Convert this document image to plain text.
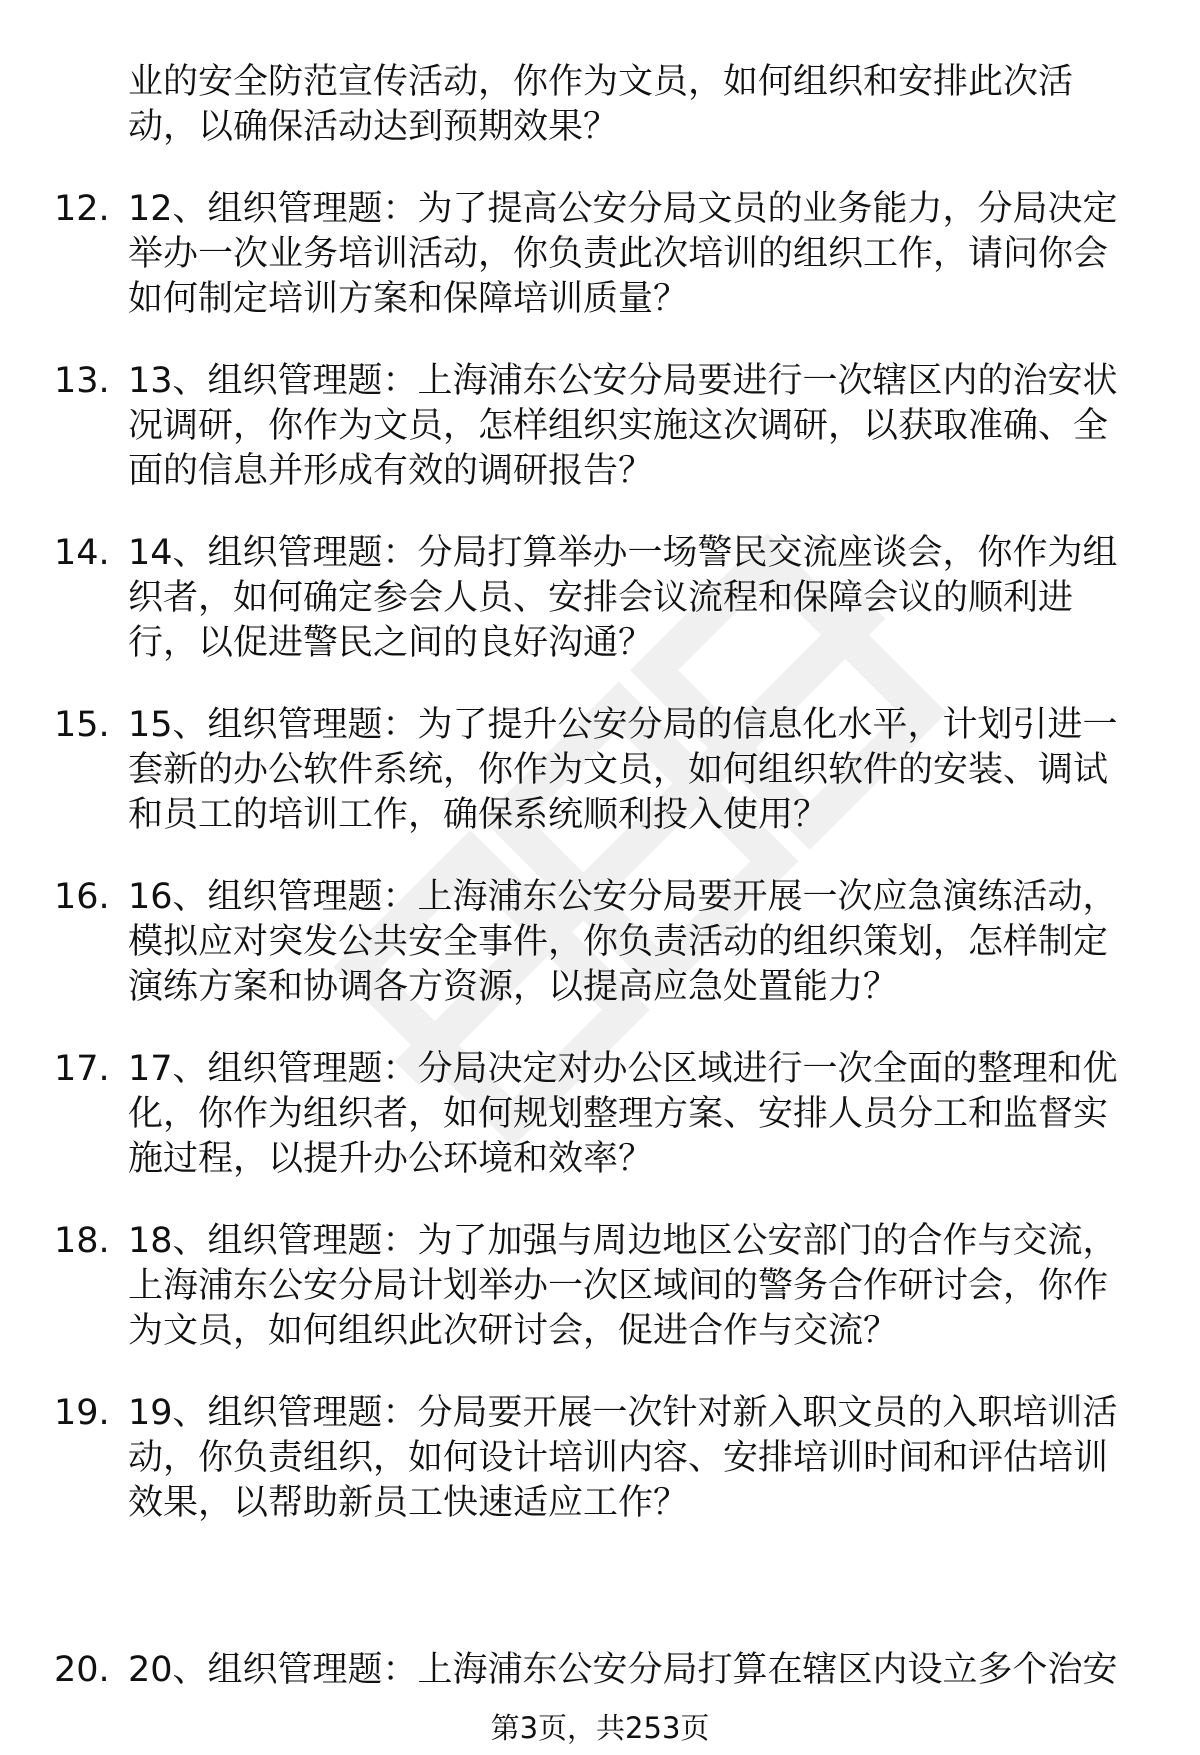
业的安全防范宣传活动，你作为文员，如何组织和安排此次活
动，以确保活动达到预期效果？
12. 12、组织管理题：为了提高公安分局文员的业务能力，分局决定
举办一次业务培训活动，你负责此次培训的组织工作，请问你会
如何制定培训方案和保障培训质量？
13. 13、组织管理题：上海浦东公安分局要进行一次辖区内的治安状
况调研，你作为文员，怎样组织实施这次调研，以获取准确、全
面的信息并形成有效的调研报告？
14. 14、组织管理题：分局打算举办一场警民交流座谈会，你作为组
织者，如何确定参会人员、安排会议流程和保障会议的顺利进
行，以促进警民之间的良好沟通？
15. 15、组织管理题：为了提升公安分局的信息化水平，计划引进一
套新的办公软件系统，你作为文员，如何组织软件的安装、调试
和员工的培训工作，确保系统顺利投入使用？
16. 16、组织管理题：上海浦东公安分局要开展一次应急演练活动，
模拟应对突发公共安全事件，你负责活动的组织策划，怎样制定
演练方案和协调各方资源，以提高应急处置能力？
17. 17、组织管理题：分局决定对办公区域进行一次全面的整理和优
化，你作为组织者，如何规划整理方案、安排人员分工和监督实
施过程，以提升办公环境和效率？
18. 18、组织管理题：为了加强与周边地区公安部门的合作与交流，
上海浦东公安分局计划举办一次区域间的警务合作研讨会，你作
为文员，如何组织此次研讨会，促进合作与交流？
19. 19、组织管理题：分局要开展一次针对新入职文员的入职培训活
动，你负责组织，如何设计培训内容、安排培训时间和评估培训
效果，以帮助新员工快速适应工作？
20. 20、组织管理题：上海浦东公安分局打算在辖区内设立多个治安
第3页，共253页
